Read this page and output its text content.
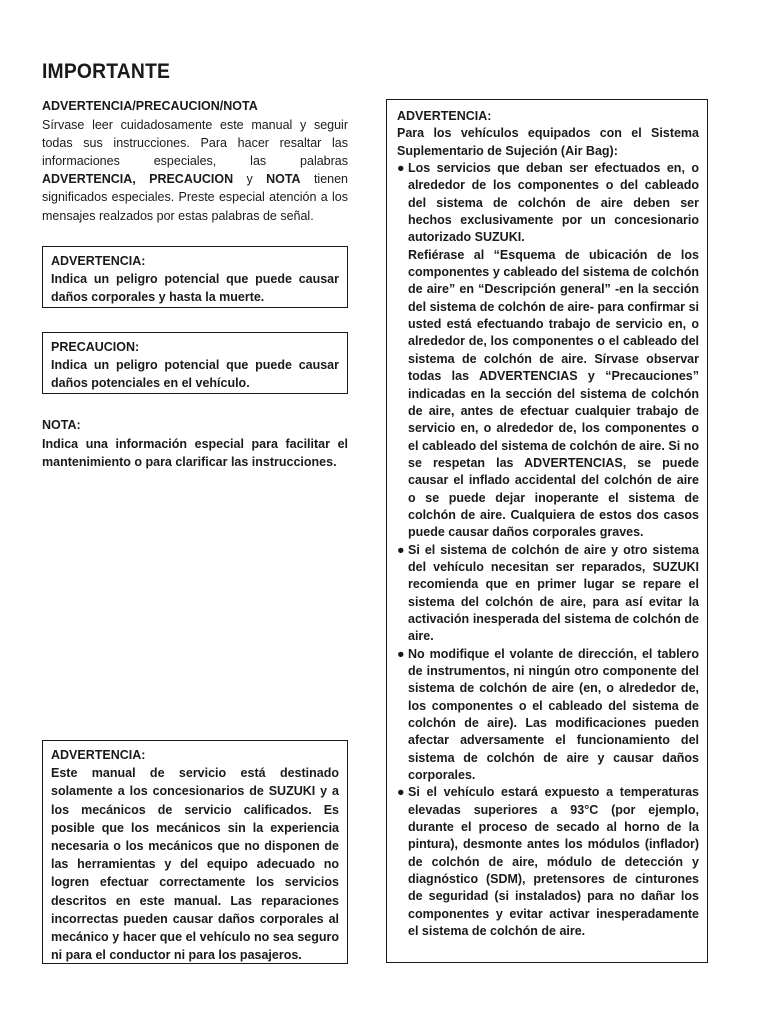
IMPORTANTE
ADVERTENCIA/PRECAUCION/NOTA
Sírvase leer cuidadosamente este manual y seguir todas sus instrucciones. Para hacer resaltar las informaciones especiales, las palabras ADVERTENCIA, PRECAUCION y NOTA tienen significados especiales. Preste especial atención a los mensajes realzados por estas palabras de señal.

ADVERTENCIA:

Indica un peligro potencial que puede causar daños corporales y hasta la muerte.

PRECAUCION:

Indica un peligro potencial que puede causar daños potenciales en el vehículo.

NOTA:

Indica una información especial para facilitar el mantenimiento o para clarificar las instrucciones.

ADVERTENCIA:

Este manual de servicio está destinado solamente a los concesionarios de SUZUKI y a los mecánicos de servicio calificados. Es posible que los mecánicos sin la experiencia necesaria o los mecánicos que no disponen de las herramientas y del equipo adecuado no logren efectuar correctamente los servicios descritos en este manual. Las reparaciones incorrectas pueden causar daños corporales al mecánico y hacer que el vehículo no sea seguro ni para el conductor ni para los pasajeros.

ADVERTENCIA:

Para los vehículos equipados con el Sistema Suplementario de Sujeción (Air Bag):

● Los servicios que deban ser efectuados en, o alrededor de los componentes o del cableado del sistema de colchón de aire deben ser hechos exclusivamente por un concesionario autorizado SUZUKI.

Refiérase al “Esquema de ubicación de los componentes y cableado del sistema de colchón de aire” en “Descripción general” -en la sección del sistema de colchón de aire- para confirmar si usted está efectuando trabajo de servicio en, o alrededor de, los componentes o el cableado del sistema de colchón de aire. Sírvase observar todas las ADVERTENCIAS y “Precauciones” indicadas en la sección del sistema de colchón de aire, antes de efectuar cualquier trabajo de servicio en, o alrededor de, los componentes o el cableado del sistema de colchón de aire. Si no se respetan las ADVERTENCIAS, se puede causar el inflado accidental del colchón de aire o se puede dejar inoperante el sistema de colchón de aire. Cualquiera de estos dos casos puede causar daños corporales graves.

● Si el sistema de colchón de aire y otro sistema del vehículo necesitan ser reparados, SUZUKI recomienda que en primer lugar se repare el sistema del colchón de aire, para así evitar la activación inesperada del sistema de colchón de aire.

● No modifique el volante de dirección, el tablero de instrumentos, ni ningún otro componente del sistema de colchón de aire (en, o alrededor de, los componentes o el cableado del sistema de colchón de aire). Las modificaciones pueden afectar adversamente el funcionamiento del sistema de colchón de aire y causar daños corporales.

● Si el vehículo estará expuesto a temperaturas elevadas superiores a 93°C (por ejemplo, durante el proceso de secado al horno de la pintura), desmonte antes los módulos (inflador) de colchón de aire, módulo de detección y diagnóstico (SDM), pretensores de cinturones de seguridad (si instalados) para no dañar los componentes y evitar activar inesperadamente el sistema de colchón de aire.
